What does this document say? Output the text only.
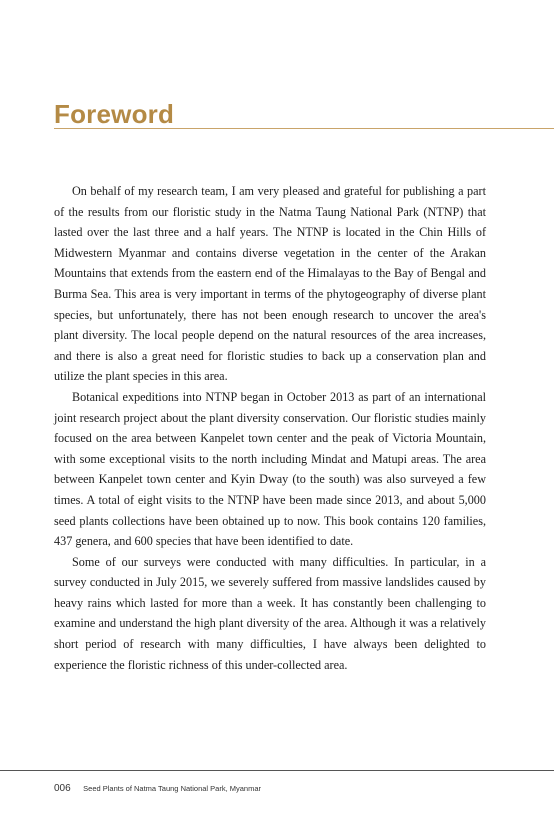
Foreword

On behalf of my research team, I am very pleased and grateful for publishing a part of the results from our floristic study in the Natma Taung National Park (NTNP) that lasted over the last three and a half years. The NTNP is located in the Chin Hills of Midwestern Myanmar and contains diverse vegetation in the center of the Arakan Mountains that extends from the eastern end of the Himalayas to the Bay of Bengal and Burma Sea. This area is very important in terms of the phytogeography of diverse plant species, but unfortunately, there has not been enough research to uncover the area's plant diversity. The local people depend on the natural resources of the area increases, and there is also a great need for floristic studies to back up a conservation plan and utilize the plant species in this area.

Botanical expeditions into NTNP began in October 2013 as part of an international joint research project about the plant diversity conservation. Our floristic studies mainly focused on the area between Kanpelet town center and the peak of Victoria Mountain, with some exceptional visits to the north including Mindat and Matupi areas. The area between Kanpelet town center and Kyin Dway (to the south) was also surveyed a few times. A total of eight visits to the NTNP have been made since 2013, and about 5,000 seed plants collections have been obtained up to now. This book contains 120 families, 437 genera, and 600 species that have been identified to date.

Some of our surveys were conducted with many difficulties. In particular, in a survey conducted in July 2015, we severely suffered from massive landslides caused by heavy rains which lasted for more than a week. It has constantly been challenging to examine and understand the high plant diversity of the area. Although it was a relatively short period of research with many difficulties, I have always been delighted to experience the floristic richness of this under-collected area.

006 Seed Plants of Natma Taung National Park, Myanmar
